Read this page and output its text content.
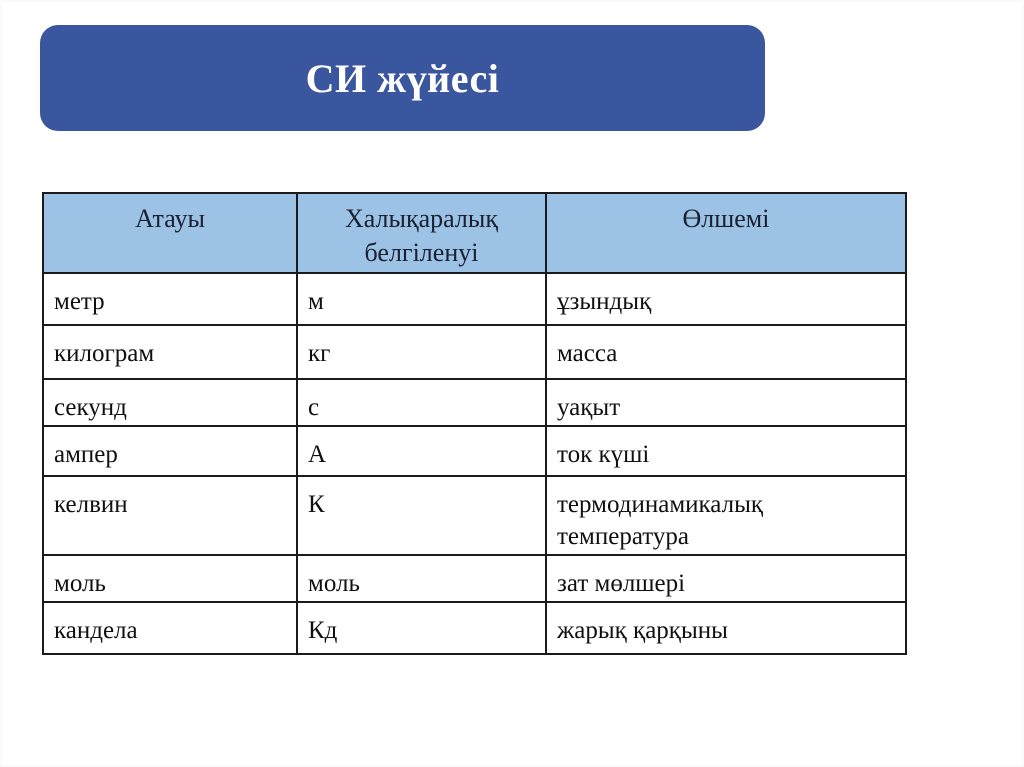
СИ жүйесі
Атауы	Халықаралық белгіленуі	Өлшемі
метр	м	ұзындық
килограм	кг	масса
секунд	с	уақыт
ампер	А	ток күші
келвин	К	термодинамикалық температура
моль	моль	зат мөлшері
кандела	Кд	жарық қарқыны
